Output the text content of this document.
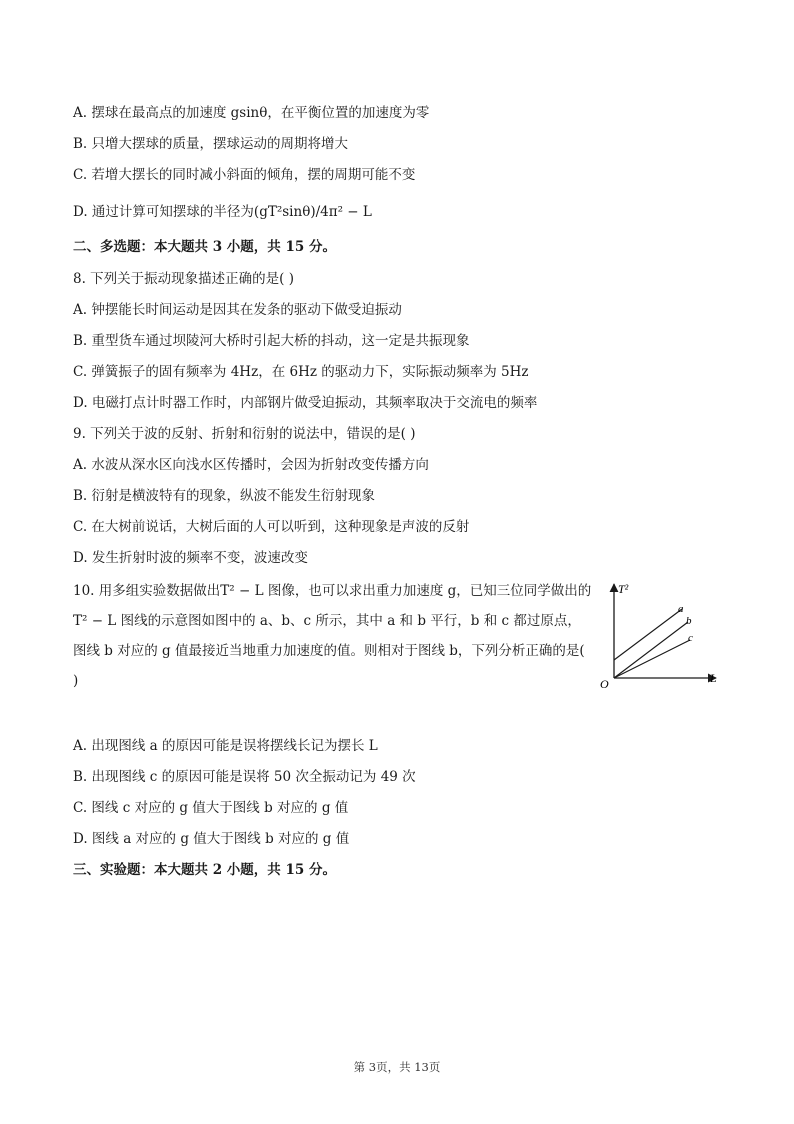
A. 摆球在最高点的加速度 gsinθ，在平衡位置的加速度为零
B. 只增大摆球的质量，摆球运动的周期将增大
C. 若增大摆长的同时减小斜面的倾角，摆的周期可能不变
D. 通过计算可知摆球的半径为(gT²sinθ)/4π² − L
二、多选题：本大题共 3 小题，共 15 分。
8. 下列关于振动现象描述正确的是( )
A. 钟摆能长时间运动是因其在发条的驱动下做受迫振动
B. 重型货车通过坝陵河大桥时引起大桥的抖动，这一定是共振现象
C. 弹簧振子的固有频率为 4Hz，在 6Hz 的驱动力下，实际振动频率为 5Hz
D. 电磁打点计时器工作时，内部钢片做受迫振动，其频率取决于交流电的频率
9. 下列关于波的反射、折射和衍射的说法中，错误的是( )
A. 水波从深水区向浅水区传播时，会因为折射改变传播方向
B. 衍射是横波特有的现象，纵波不能发生衍射现象
C. 在大树前说话，大树后面的人可以听到，这种现象是声波的反射
D. 发生折射时波的频率不变，波速改变
10. 用多组实验数据做出T² − L 图像，也可以求出重力加速度 g，已知三位同学做出的 T² − L 图线的示意图如图中的 a、b、c 所示，其中 a 和 b 平行，b 和 c 都过原点，图线 b 对应的 g 值最接近当地重力加速度的值。则相对于图线 b，下列分析正确的是( )
T²
L
O
a
b
c
A. 出现图线 a 的原因可能是误将摆线长记为摆长 L
B. 出现图线 c 的原因可能是误将 50 次全振动记为 49 次
C. 图线 c 对应的 g 值大于图线 b 对应的 g 值
D. 图线 a 对应的 g 值大于图线 b 对应的 g 值
三、实验题：本大题共 2 小题，共 15 分。
第 3页，共 13页
